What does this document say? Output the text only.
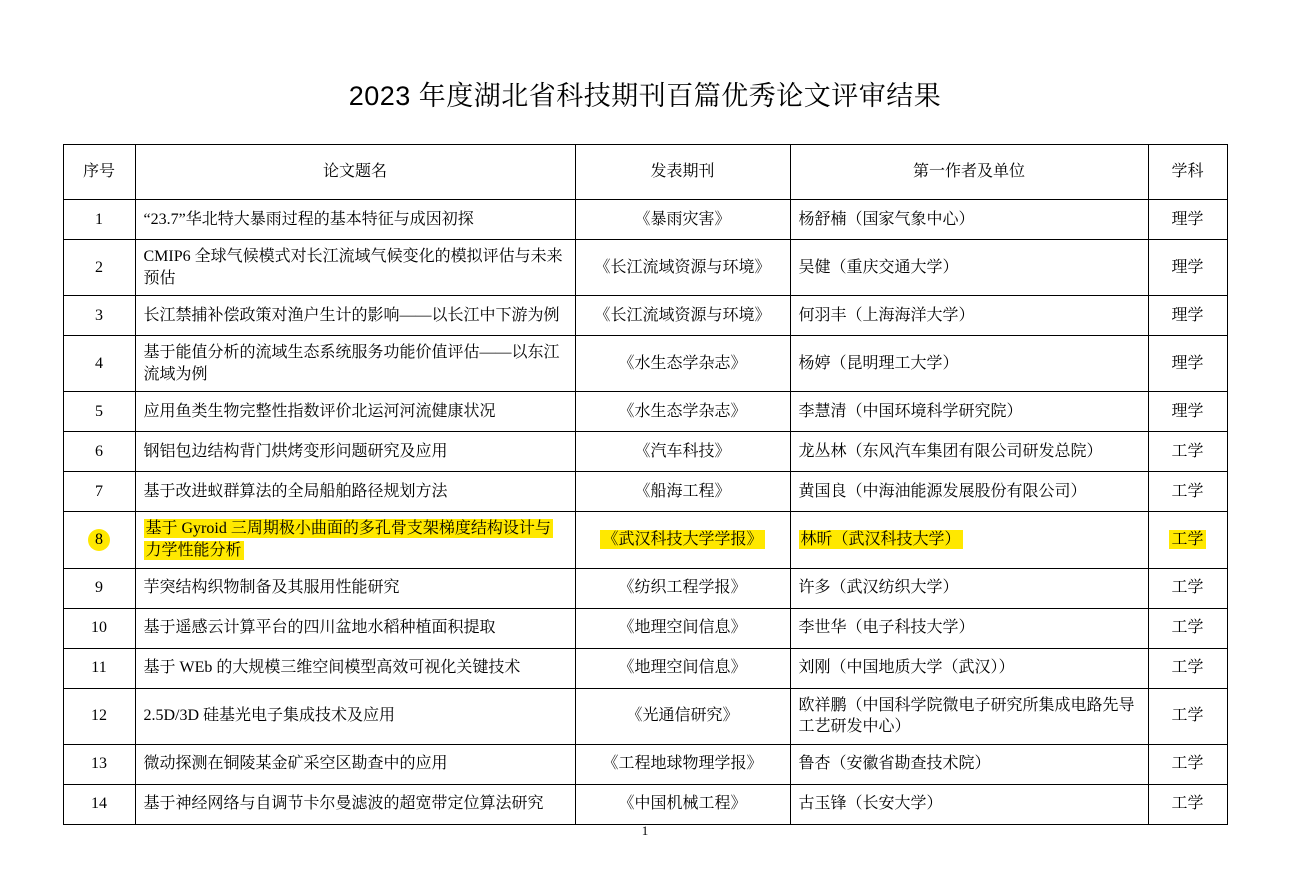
2023 年度湖北省科技期刊百篇优秀论文评审结果
序号	论文题名	发表期刊	第一作者及单位	学科
1	“23.7”华北特大暴雨过程的基本特征与成因初探	《暴雨灾害》	杨舒楠（国家气象中心）	理学
2	CMIP6 全球气候模式对长江流域气候变化的模拟评估与未来预估	《长江流域资源与环境》	吴健（重庆交通大学）	理学
3	长江禁捕补偿政策对渔户生计的影响——以长江中下游为例	《长江流域资源与环境》	何羽丰（上海海洋大学）	理学
4	基于能值分析的流域生态系统服务功能价值评估——以东江流域为例	《水生态学杂志》	杨婷（昆明理工大学）	理学
5	应用鱼类生物完整性指数评价北运河河流健康状况	《水生态学杂志》	李慧清（中国环境科学研究院）	理学
6	钢铝包边结构背门烘烤变形问题研究及应用	《汽车科技》	龙丛林（东风汽车集团有限公司研发总院）	工学
7	基于改进蚁群算法的全局船舶路径规划方法	《船海工程》	黄国良（中海油能源发展股份有限公司）	工学
8	基于 Gyroid 三周期极小曲面的多孔骨支架梯度结构设计与力学性能分析	《武汉科技大学学报》	林昕（武汉科技大学）	工学
9	芋突结构织物制备及其服用性能研究	《纺织工程学报》	许多（武汉纺织大学）	工学
10	基于遥感云计算平台的四川盆地水稻种植面积提取	《地理空间信息》	李世华（电子科技大学）	工学
11	基于 WEb 的大规模三维空间模型高效可视化关键技术	《地理空间信息》	刘刚（中国地质大学（武汉））	工学
12	2.5D/3D 硅基光电子集成技术及应用	《光通信研究》	欧祥鹏（中国科学院微电子研究所集成电路先导工艺研发中心）	工学
13	微动探测在铜陵某金矿采空区勘查中的应用	《工程地球物理学报》	鲁杏（安徽省勘查技术院）	工学
14	基于神经网络与自调节卡尔曼滤波的超宽带定位算法研究	《中国机械工程》	古玉锋（长安大学）	工学
1
